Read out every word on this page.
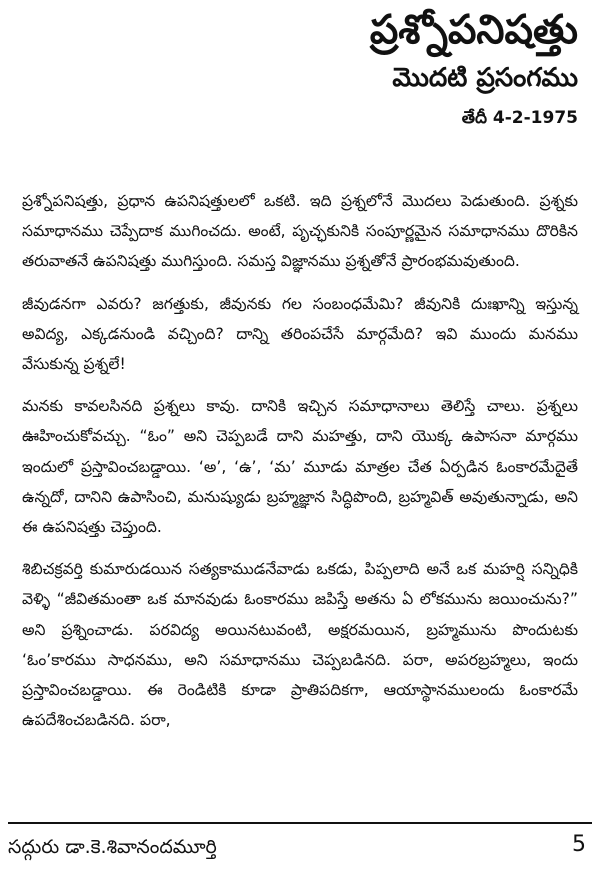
ప్రశ్నోపనిషత్తు
మొదటి ప్రసంగము
తేదీ 4-2-1975

ప్రశ్నోపనిషత్తు, ప్రధాన ఉపనిషత్తులలో ఒకటి. ఇది ప్రశ్నలోనే మొదలు పెడుతుంది. ప్రశ్నకు సమాధానము చెప్పేదాక ముగించదు. అంటే, పృచ్ఛకునికి సంపూర్ణమైన సమాధానము దొరికిన తరువాతనే ఉపనిషత్తు ముగిస్తుంది. సమస్త విజ్ఞానము ప్రశ్నతోనే ప్రారంభమవుతుంది.

జీవుడనగా ఎవరు? జగత్తుకు, జీవునకు గల సంబంధమేమి? జీవునికి దుఃఖాన్ని ఇస్తున్న అవిద్య, ఎక్కడనుండి వచ్చింది? దాన్ని తరింపచేసే మార్గమేది? ఇవి ముందు మనము వేసుకున్న ప్రశ్నలే!

మనకు కావలసినది ప్రశ్నలు కావు. దానికి ఇచ్చిన సమాధానాలు తెలిస్తే చాలు. ప్రశ్నలు ఊహించుకోవచ్చు. “ఓం” అని చెప్పబడే దాని మహత్తు, దాని యొక్క ఉపాసనా మార్గము ఇందులో ప్రస్తావించబడ్డాయి. ‘అ’, ‘ఉ’, ‘మ’ మూడు మాత్రల చేత ఏర్పడిన ఓంకారమేదైతే ఉన్నదో, దానిని ఉపాసించి, మనుష్యుడు బ్రహ్మజ్ఞాన సిద్ధిపొంది, బ్రహ్మవిత్ అవుతున్నాడు, అని ఈ ఉపనిషత్తు చెప్తుంది.

శిబిచక్రవర్తి కుమారుడయిన సత్యకాముడనేవాడు ఒకడు, పిప్పలాది అనే ఒక మహర్షి సన్నిధికి వెళ్ళి “జీవితమంతా ఒక మానవుడు ఓంకారము జపిస్తే అతను ఏ లోకమును జయించును?” అని ప్రశ్నించాడు. పరవిద్య అయినటువంటి, అక్షరమయిన, బ్రహ్మమును పొందుటకు ‘ఓం’కారము సాధనము, అని సమాధానము చెప్పబడినది. పరా, అపరబ్రహ్మలు, ఇందు ప్రస్తావించబడ్డాయి. ఈ రెండిటికి కూడా ప్రాతిపదికగా, ఆయాస్థానములందు ఓంకారమే ఉపదేశించబడినది. పరా,

సద్గురు డా.కె.శివానందమూర్తి	5
